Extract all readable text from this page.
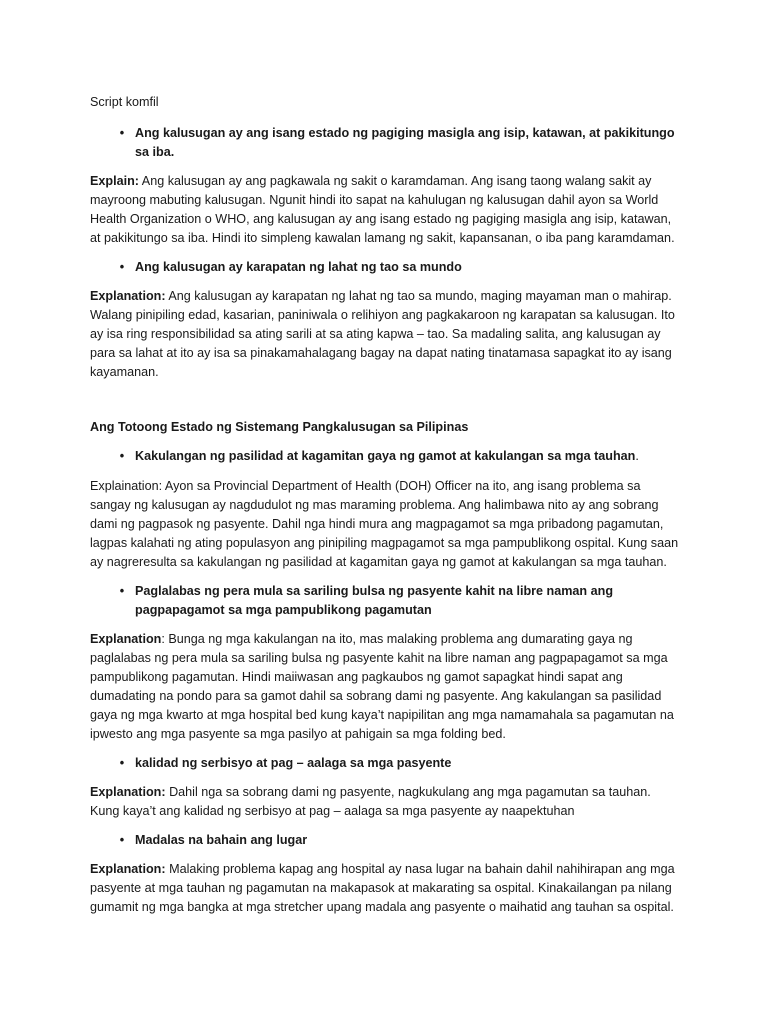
Script komfil

• Ang kalusugan ay ang isang estado ng pagiging masigla ang isip, katawan, at pakikitungo sa iba.

Explain: Ang kalusugan ay ang pagkawala ng sakit o karamdaman. Ang isang taong walang sakit ay mayroong mabuting kalusugan. Ngunit hindi ito sapat na kahulugan ng kalusugan dahil ayon sa World Health Organization o WHO, ang kalusugan ay ang isang estado ng pagiging masigla ang isip, katawan, at pakikitungo sa iba. Hindi ito simpleng kawalan lamang ng sakit, kapansanan, o iba pang karamdaman.

• Ang kalusugan ay karapatan ng lahat ng tao sa mundo

Explanation: Ang kalusugan ay karapatan ng lahat ng tao sa mundo, maging mayaman man o mahirap. Walang pinipiling edad, kasarian, paniniwala o relihiyon ang pagkakaroon ng karapatan sa kalusugan. Ito ay isa ring responsibilidad sa ating sarili at sa ating kapwa – tao. Sa madaling salita, ang kalusugan ay para sa lahat at ito ay isa sa pinakamahalagang bagay na dapat nating tinatamasa sapagkat ito ay isang kayamanan.

Ang Totoong Estado ng Sistemang Pangkalusugan sa Pilipinas

• Kakulangan ng pasilidad at kagamitan gaya ng gamot at kakulangan sa mga tauhan.

Explaination: Ayon sa Provincial Department of Health (DOH) Officer na ito, ang isang problema sa sangay ng kalusugan ay nagdudulot ng mas maraming problema. Ang halimbawa nito ay ang sobrang dami ng pagpasok ng pasyente. Dahil nga hindi mura ang magpagamot sa mga pribadong pagamutan, lagpas kalahati ng ating populasyon ang pinipiling magpagamot sa mga pampublikong ospital. Kung saan ay nagreresulta sa kakulangan ng pasilidad at kagamitan gaya ng gamot at kakulangan sa mga tauhan.

• Paglalabas ng pera mula sa sariling bulsa ng pasyente kahit na libre naman ang pagpapagamot sa mga pampublikong pagamutan

Explanation: Bunga ng mga kakulangan na ito, mas malaking problema ang dumarating gaya ng paglalabas ng pera mula sa sariling bulsa ng pasyente kahit na libre naman ang pagpapagamot sa mga pampublikong pagamutan. Hindi maiiwasan ang pagkaubos ng gamot sapagkat hindi sapat ang dumadating na pondo para sa gamot dahil sa sobrang dami ng pasyente. Ang kakulangan sa pasilidad gaya ng mga kwarto at mga hospital bed kung kaya’t napipilitan ang mga namamahala sa pagamutan na ipwesto ang mga pasyente sa mga pasilyo at pahigain sa mga folding bed.

• kalidad ng serbisyo at pag – aalaga sa mga pasyente

Explanation: Dahil nga sa sobrang dami ng pasyente, nagkukulang ang mga pagamutan sa tauhan. Kung kaya’t ang kalidad ng serbisyo at pag – aalaga sa mga pasyente ay naapektuhan

• Madalas na bahain ang lugar

Explanation: Malaking problema kapag ang hospital ay nasa lugar na bahain dahil nahihirapan ang mga pasyente at mga tauhan ng pagamutan na makapasok at makarating sa ospital. Kinakailangan pa nilang gumamit ng mga bangka at mga stretcher upang madala ang pasyente o maihatid ang tauhan sa ospital.
